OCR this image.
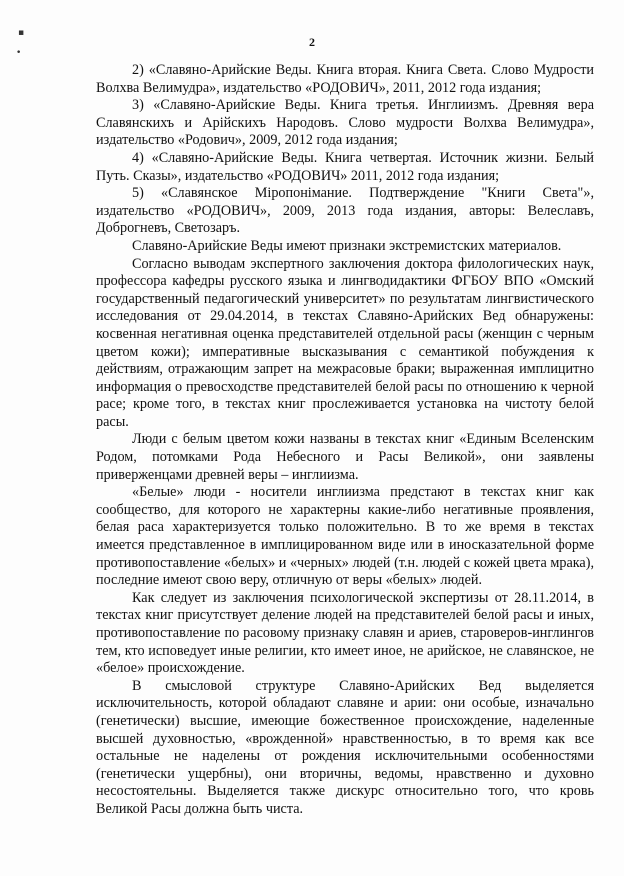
▪
•
2

2) «Славяно-Арийские Веды. Книга вторая. Книга Света. Слово Мудрости Волхва Велимудра», издательство «РОДОВИЧ», 2011, 2012 года издания;

3) «Славяно-Арийские Веды. Книга третья. Инглиизмъ. Древняя вера Славянскихъ и Арійскихъ Народовъ. Слово мудрости Волхва Велимудра», издательство «Родович», 2009, 2012 года издания;

4) «Славяно-Арийские Веды. Книга четвертая. Источник жизни. Белый Путь. Сказы», издательство «РОДОВИЧ» 2011, 2012 года издания;

5) «Славянское Міропонімание. Подтверждение "Книги Света"», издательство «РОДОВИЧ», 2009, 2013 года издания, авторы: Велеславъ, Доброгневъ, Светозаръ.

Славяно-Арийские Веды имеют признаки экстремистских материалов.

Согласно выводам экспертного заключения доктора филологических наук, профессора кафедры русского языка и лингводидактики ФГБОУ ВПО «Омский государственный педагогический университет» по результатам лингвистического исследования от 29.04.2014, в текстах Славяно-Арийских Вед обнаружены: косвенная негативная оценка представителей отдельной расы (женщин с черным цветом кожи); императивные высказывания с семантикой побуждения к действиям, отражающим запрет на межрасовые браки; выраженная имплицитно информация о превосходстве представителей белой расы по отношению к черной расе; кроме того, в текстах книг прослеживается установка на чистоту белой расы.

Люди с белым цветом кожи названы в текстах книг «Единым Вселенским Родом, потомками Рода Небесного и Расы Великой», они заявлены приверженцами древней веры – инглиизма.

«Белые» люди - носители инглиизма предстают в текстах книг как сообщество, для которого не характерны какие-либо негативные проявления, белая раса характеризуется только положительно. В то же время в текстах имеется представленное в имплицированном виде или в иносказательной форме противопоставление «белых» и «черных» людей (т.н. людей с кожей цвета мрака), последние имеют свою веру, отличную от веры «белых» людей.

Как следует из заключения психологической экспертизы от 28.11.2014, в текстах книг присутствует деление людей на представителей белой расы и иных, противопоставление по расовому признаку славян и ариев, староверов-инглингов тем, кто исповедует иные религии, кто имеет иное, не арийское, не славянское, не «белое» происхождение.

В смысловой структуре Славяно-Арийских Вед выделяется исключительность, которой обладают славяне и арии: они особые, изначально (генетически) высшие, имеющие божественное происхождение, наделенные высшей духовностью, «врожденной» нравственностью, в то время как все остальные не наделены от рождения исключительными особенностями (генетически ущербны), они вторичны, ведомы, нравственно и духовно несостоятельны. Выделяется также дискурс относительно того, что кровь Великой Расы должна быть чиста.
